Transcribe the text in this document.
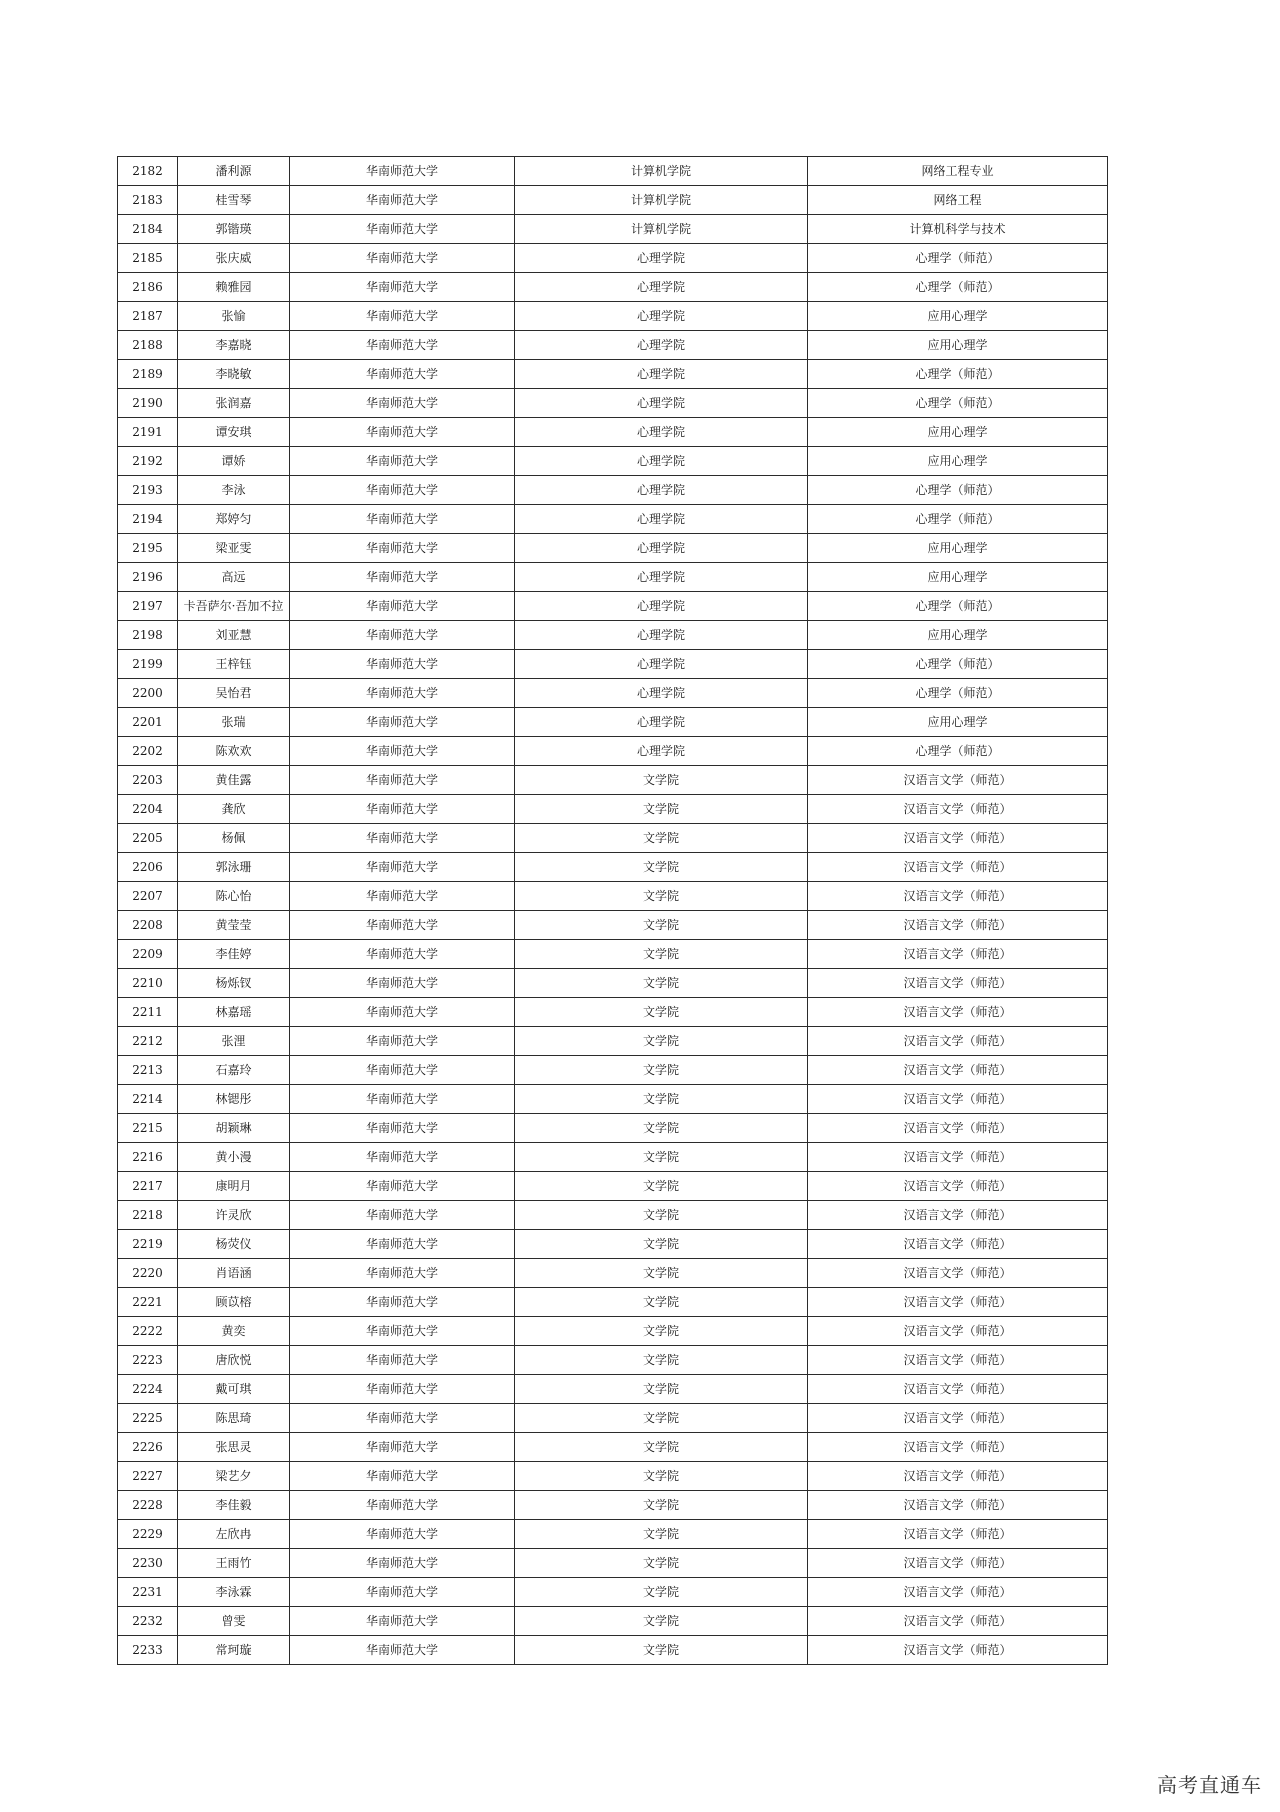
2182	潘利源	华南师范大学	计算机学院	网络工程专业
2183	桂雪琴	华南师范大学	计算机学院	网络工程
2184	郭锴瑛	华南师范大学	计算机学院	计算机科学与技术
2185	张庆威	华南师范大学	心理学院	心理学（师范）
2186	赖雅园	华南师范大学	心理学院	心理学（师范）
2187	张愉	华南师范大学	心理学院	应用心理学
2188	李嘉晓	华南师范大学	心理学院	应用心理学
2189	李晓敏	华南师范大学	心理学院	心理学（师范）
2190	张润嘉	华南师范大学	心理学院	心理学（师范）
2191	谭安琪	华南师范大学	心理学院	应用心理学
2192	谭娇	华南师范大学	心理学院	应用心理学
2193	李泳	华南师范大学	心理学院	心理学（师范）
2194	郑婷匀	华南师范大学	心理学院	心理学（师范）
2195	梁亚雯	华南师范大学	心理学院	应用心理学
2196	高远	华南师范大学	心理学院	应用心理学
2197	卡吾萨尔·吾加不拉	华南师范大学	心理学院	心理学（师范）
2198	刘亚慧	华南师范大学	心理学院	应用心理学
2199	王梓钰	华南师范大学	心理学院	心理学（师范）
2200	吴怡君	华南师范大学	心理学院	心理学（师范）
2201	张瑞	华南师范大学	心理学院	应用心理学
2202	陈欢欢	华南师范大学	心理学院	心理学（师范）
2203	黄佳露	华南师范大学	文学院	汉语言文学（师范）
2204	龚欣	华南师范大学	文学院	汉语言文学（师范）
2205	杨佩	华南师范大学	文学院	汉语言文学（师范）
2206	郭泳珊	华南师范大学	文学院	汉语言文学（师范）
2207	陈心怡	华南师范大学	文学院	汉语言文学（师范）
2208	黄莹莹	华南师范大学	文学院	汉语言文学（师范）
2209	李佳婷	华南师范大学	文学院	汉语言文学（师范）
2210	杨烁钗	华南师范大学	文学院	汉语言文学（师范）
2211	林嘉瑶	华南师范大学	文学院	汉语言文学（师范）
2212	张浬	华南师范大学	文学院	汉语言文学（师范）
2213	石嘉玲	华南师范大学	文学院	汉语言文学（师范）
2214	林锶彤	华南师范大学	文学院	汉语言文学（师范）
2215	胡颖琳	华南师范大学	文学院	汉语言文学（师范）
2216	黄小漫	华南师范大学	文学院	汉语言文学（师范）
2217	康明月	华南师范大学	文学院	汉语言文学（师范）
2218	许灵欣	华南师范大学	文学院	汉语言文学（师范）
2219	杨荧仪	华南师范大学	文学院	汉语言文学（师范）
2220	肖语涵	华南师范大学	文学院	汉语言文学（师范）
2221	顾苡榕	华南师范大学	文学院	汉语言文学（师范）
2222	黄奕	华南师范大学	文学院	汉语言文学（师范）
2223	唐欣悦	华南师范大学	文学院	汉语言文学（师范）
2224	戴可琪	华南师范大学	文学院	汉语言文学（师范）
2225	陈思琦	华南师范大学	文学院	汉语言文学（师范）
2226	张思灵	华南师范大学	文学院	汉语言文学（师范）
2227	梁艺夕	华南师范大学	文学院	汉语言文学（师范）
2228	李佳毅	华南师范大学	文学院	汉语言文学（师范）
2229	左欣冉	华南师范大学	文学院	汉语言文学（师范）
2230	王雨竹	华南师范大学	文学院	汉语言文学（师范）
2231	李泳霖	华南师范大学	文学院	汉语言文学（师范）
2232	曾雯	华南师范大学	文学院	汉语言文学（师范）
2233	常珂璇	华南师范大学	文学院	汉语言文学（师范）
高考直通车
